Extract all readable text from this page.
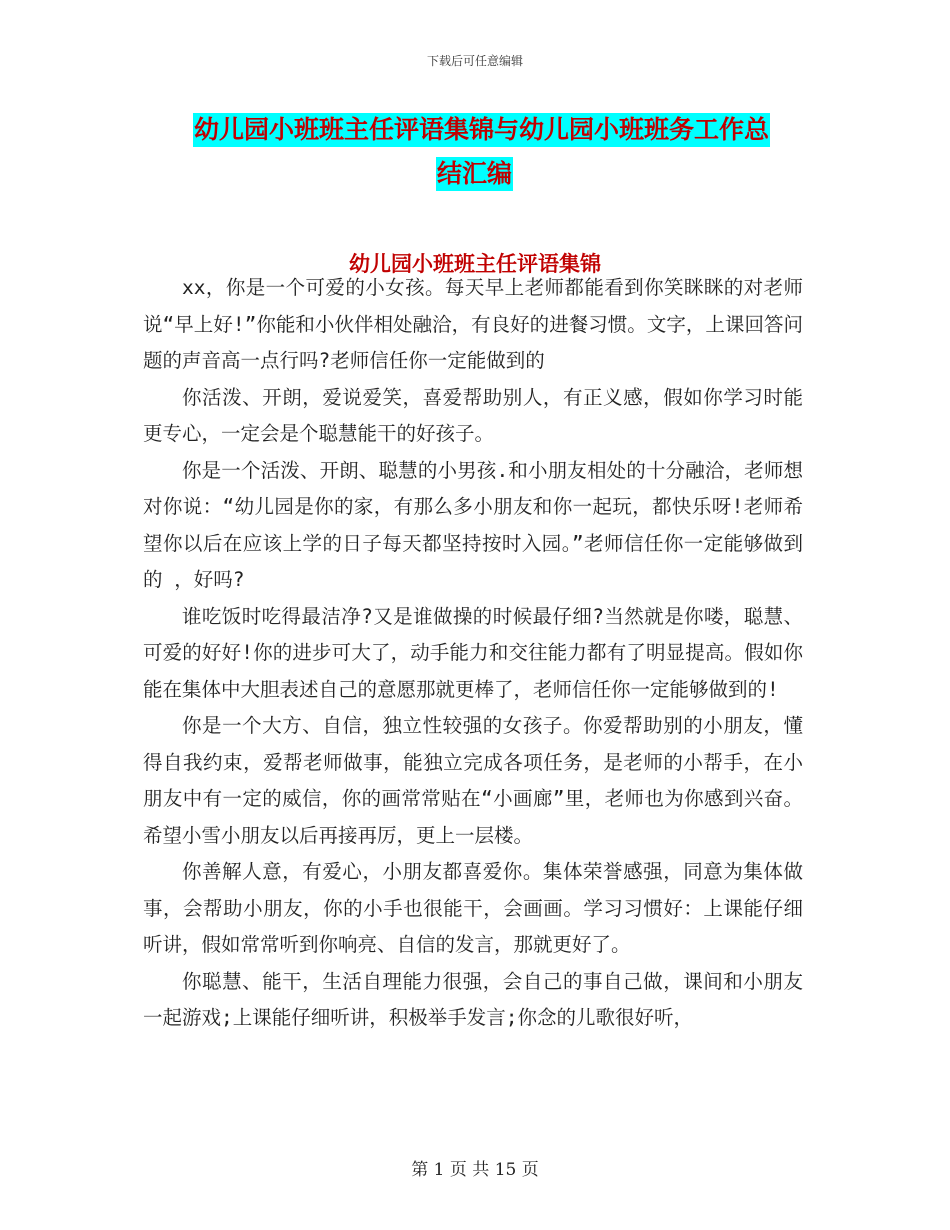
下载后可任意编辑
幼儿园小班班主任评语集锦与幼儿园小班班务工作总
结汇编
幼儿园小班班主任评语集锦

xx，你是一个可爱的小女孩。每天早上老师都能看到你笑眯眯的对老师说“早上好!”你能和小伙伴相处融洽，有良好的进餐习惯。文字，上课回答问题的声音高一点行吗?老师信任你一定能做到的

你活泼、开朗，爱说爱笑，喜爱帮助别人，有正义感，假如你学习时能更专心，一定会是个聪慧能干的好孩子。

你是一个活泼、开朗、聪慧的小男孩.和小朋友相处的十分融洽，老师想对你说：“幼儿园是你的家，有那么多小朋友和你一起玩，都快乐呀!老师希望你以后在应该上学的日子每天都坚持按时入园。”老师信任你一定能够做到的 ，好吗?

谁吃饭时吃得最洁净?又是谁做操的时候最仔细?当然就是你喽，聪慧、可爱的好好!你的进步可大了，动手能力和交往能力都有了明显提高。假如你能在集体中大胆表述自己的意愿那就更棒了，老师信任你一定能够做到的!

你是一个大方、自信，独立性较强的女孩子。你爱帮助别的小朋友，懂得自我约束，爱帮老师做事，能独立完成各项任务，是老师的小帮手，在小朋友中有一定的威信，你的画常常贴在“小画廊”里，老师也为你感到兴奋。希望小雪小朋友以后再接再厉，更上一层楼。

你善解人意，有爱心，小朋友都喜爱你。集体荣誉感强，同意为集体做事，会帮助小朋友，你的小手也很能干，会画画。学习习惯好：上课能仔细听讲，假如常常听到你响亮、自信的发言，那就更好了。

你聪慧、能干，生活自理能力很强，会自己的事自己做，课间和小朋友一起游戏;上课能仔细听讲，积极举手发言;你念的儿歌很好听，

第 1 页 共 15 页
